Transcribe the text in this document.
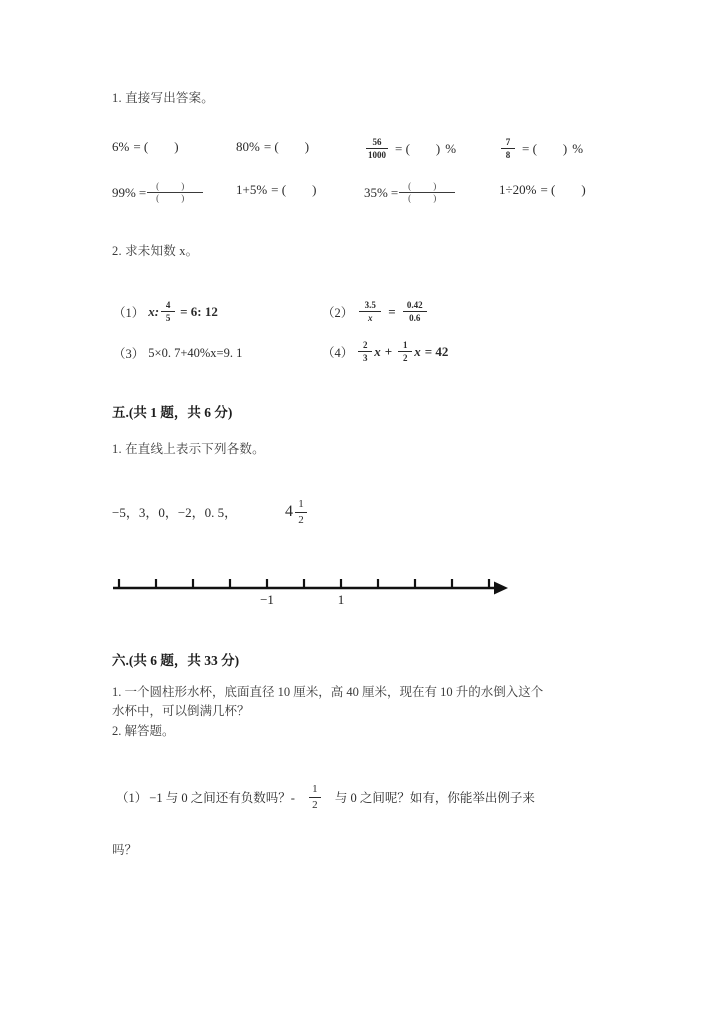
1. 直接写出答案。
6% = ( )	80% = ( )	$\frac{56}{1000}$ = ( ) %	$\frac{7}{8}$ = ( ) %
$99\% = \frac{( )}{( )}$	1+5% = ( )	$35\% = \frac{( )}{( )}$	1÷20% = ( )
2. 求未知数 x。
（1） x: $\frac{4}{5} = 6$: 12	$(2) \frac{3.5}{x} = \frac{0.42}{0.6}$
（3） 5×0. 7+40%x=9. 1	$(4) \frac{2}{3}$ $x + \frac{1}{2}$ x = 42
五.(共 1 题，共 6 分)
1. 在直线上表示下列各数。
−5，3，0，−2，0. 5，	$4 \frac{1}{2}$
−1	1
六.(共 6 题，共 33 分)
1. 一个圆柱形水杯，底面直径 10 厘米，高 40 厘米，现在有 10 升的水倒入这个
水杯中，可以倒满几杯？
2. 解答题。
（1） −1 与 0 之间还有负数吗？- $\frac{1}{2}$ 与 0 之间呢？如有，你能举出例子来
吗？
